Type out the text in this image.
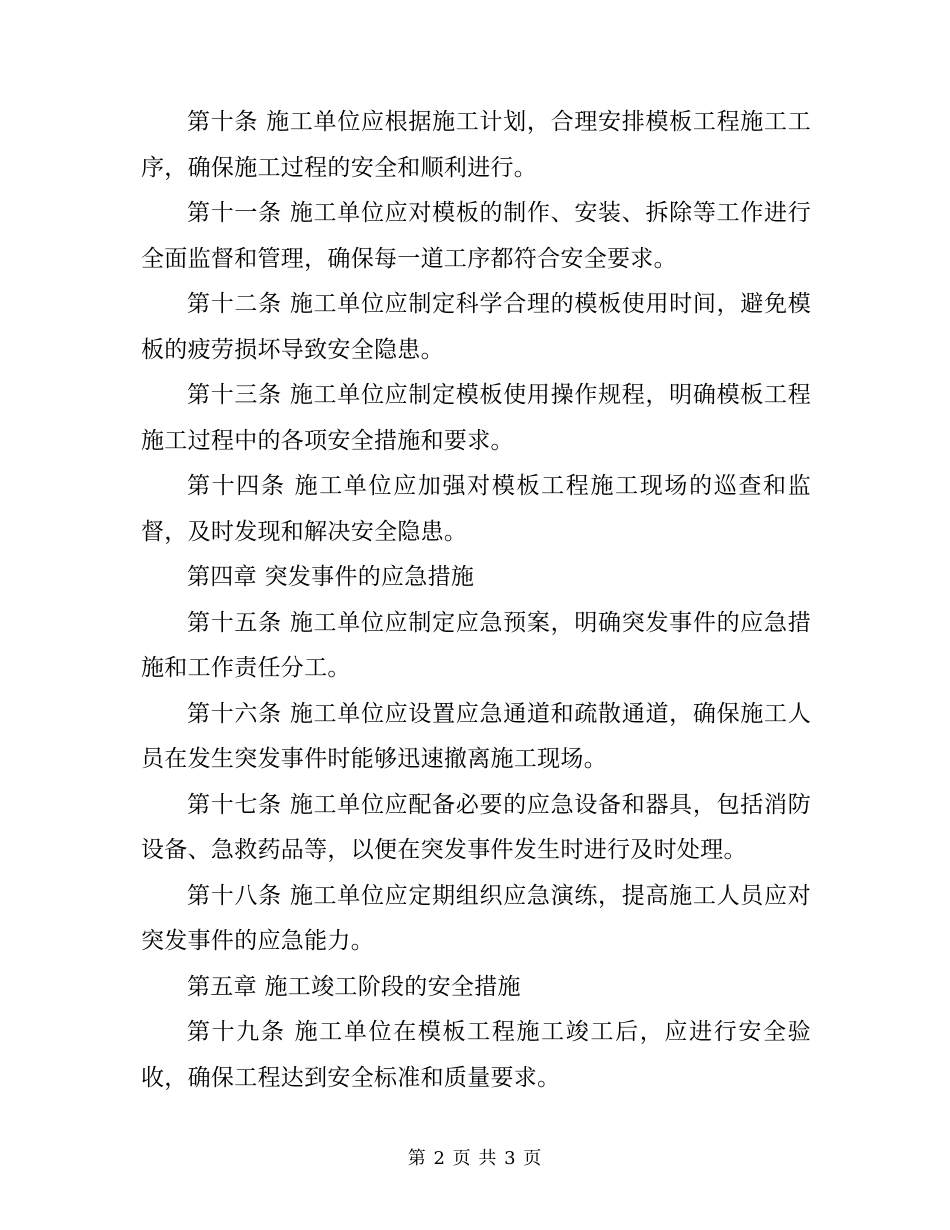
第十条 施工单位应根据施工计划，合理安排模板工程施工工序，确保施工过程的安全和顺利进行。

第十一条 施工单位应对模板的制作、安装、拆除等工作进行全面监督和管理，确保每一道工序都符合安全要求。

第十二条 施工单位应制定科学合理的模板使用时间，避免模板的疲劳损坏导致安全隐患。

第十三条 施工单位应制定模板使用操作规程，明确模板工程施工过程中的各项安全措施和要求。

第十四条 施工单位应加强对模板工程施工现场的巡查和监督，及时发现和解决安全隐患。

第四章 突发事件的应急措施

第十五条 施工单位应制定应急预案，明确突发事件的应急措施和工作责任分工。

第十六条 施工单位应设置应急通道和疏散通道，确保施工人员在发生突发事件时能够迅速撤离施工现场。

第十七条 施工单位应配备必要的应急设备和器具，包括消防设备、急救药品等，以便在突发事件发生时进行及时处理。

第十八条 施工单位应定期组织应急演练，提高施工人员应对突发事件的应急能力。

第五章 施工竣工阶段的安全措施

第十九条 施工单位在模板工程施工竣工后，应进行安全验收，确保工程达到安全标准和质量要求。

第 2 页 共 3 页
